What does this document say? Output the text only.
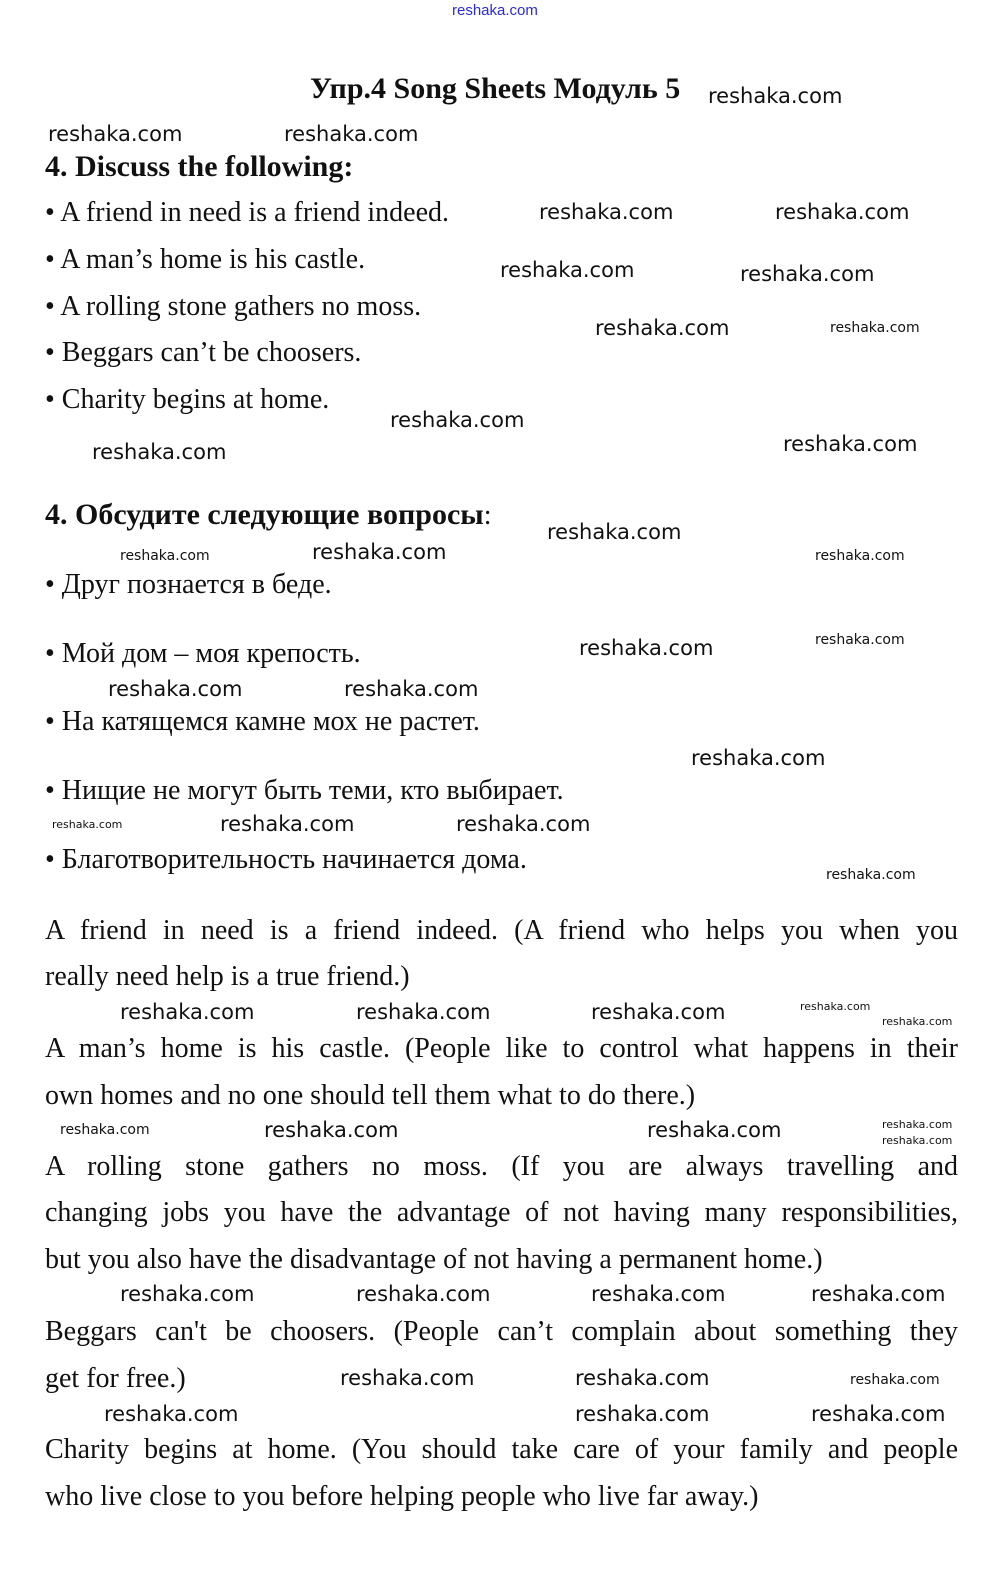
reshaka.com
Упр.4 Song Sheets Модуль 5
4. Discuss the following:
• A friend in need is a friend indeed.
• A man’s home is his castle.
• A rolling stone gathers no moss.
• Beggars can’t be choosers.
• Charity begins at home.
4. Обсудите следующие вопросы:
• Друг познается в беде.
• Мой дом – моя крепость.
• На катящемся камне мох не растет.
• Нищие не могут быть теми, кто выбирает.
• Благотворительность начинается дома.
A friend in need is a friend indeed. (A friend who helps you when you
really need help is a true friend.)
A man’s home is his castle. (People like to control what happens in their
own homes and no one should tell them what to do there.)
A rolling stone gathers no moss. (If you are always travelling and
changing jobs you have the advantage of not having many responsibilities,
but you also have the disadvantage of not having a permanent home.)
Beggars can't be choosers. (People can’t complain about something they
get for free.)
Charity begins at home. (You should take care of your family and people
who live close to you before helping people who live far away.)
reshaka.com
reshaka.com	reshaka.com
reshaka.com	reshaka.com
reshaka.com	reshaka.com
reshaka.com	reshaka.com
reshaka.com
reshaka.com
reshaka.com
reshaka.com
reshaka.com
reshaka.com	reshaka.com
reshaka.com	reshaka.com
reshaka.com	reshaka.com
reshaka.com
reshaka.com
reshaka.com	reshaka.com
reshaka.com
reshaka.com	reshaka.com	reshaka.com	reshaka.com
reshaka.com
reshaka.com
reshaka.com	reshaka.com	reshaka.com
reshaka.com
reshaka.com	reshaka.com
reshaka.com
reshaka.com
reshaka.com
reshaka.com
reshaka.com
reshaka.com	reshaka.com	reshaka.com
